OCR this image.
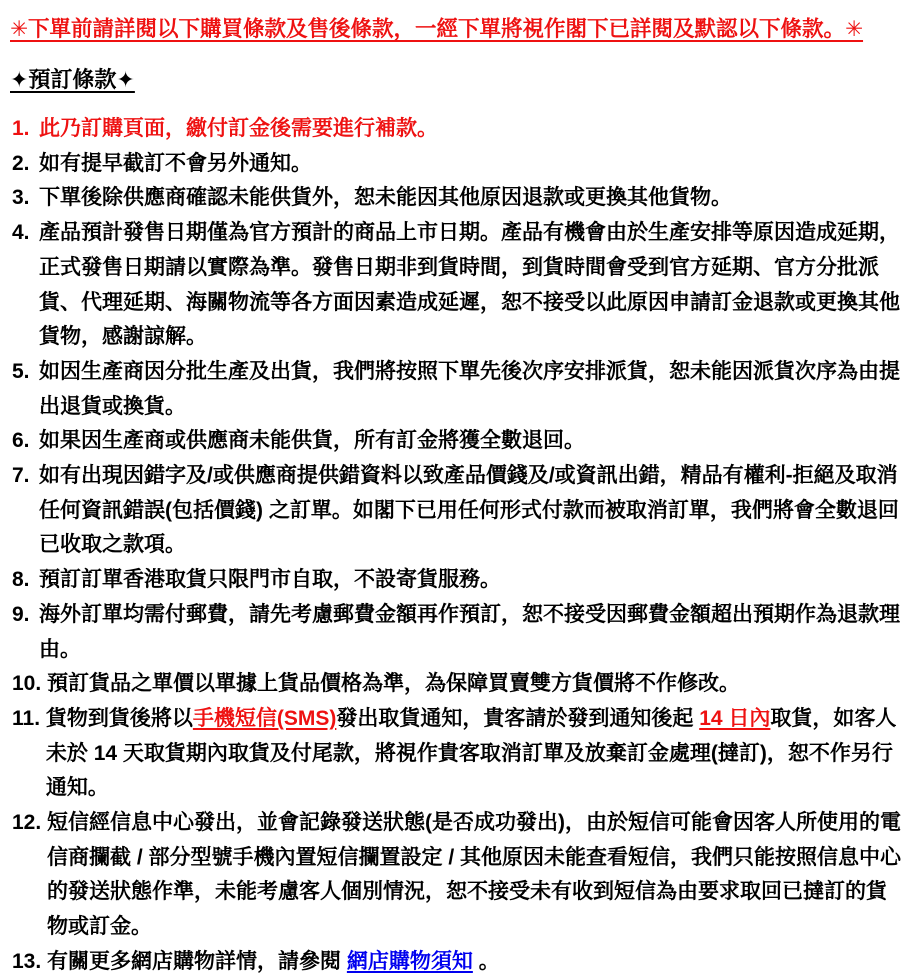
✳︎下單前請詳閱以下購買條款及售後條款，一經下單將視作閣下已詳閱及默認以下條款。✳︎
✦預訂條款✦
1. 此乃訂購頁面，繳付訂金後需要進行補款。
2. 如有提早截訂不會另外通知。
3. 下單後除供應商確認未能供貨外，恕未能因其他原因退款或更換其他貨物。
4. 產品預計發售日期僅為官方預計的商品上市日期。產品有機會由於生產安排等原因造成延期，正式發售日期請以實際為準。發售日期非到貨時間，到貨時間會受到官方延期、官方分批派貨、代理延期、海關物流等各方面因素造成延遲，恕不接受以此原因申請訂金退款或更換其他貨物，感謝諒解。
5. 如因生產商因分批生產及出貨，我們將按照下單先後次序安排派貨，恕未能因派貨次序為由提出退貨或換貨。
6. 如果因生產商或供應商未能供貨，所有訂金將獲全數退回。
7. 如有出現因錯字及/或供應商提供錯資料以致產品價錢及/或資訊出錯，精品有權利-拒絕及取消任何資訊錯誤(包括價錢) 之訂單。如閣下已用任何形式付款而被取消訂單，我們將會全數退回已收取之款項。
8. 預訂訂單香港取貨只限門市自取，不設寄貨服務。
9. 海外訂單均需付郵費，請先考慮郵費金額再作預訂，恕不接受因郵費金額超出預期作為退款理由。
10. 預訂貨品之單價以單據上貨品價格為準，為保障買賣雙方貨價將不作修改。
11. 貨物到貨後將以手機短信(SMS)發出取貨通知，貴客請於發到通知後起 14 日內取貨，如客人未於 14 天取貨期內取貨及付尾款，將視作貴客取消訂單及放棄訂金處理(撻訂)，恕不作另行通知。
12. 短信經信息中心發出，並會記錄發送狀態(是否成功發出)，由於短信可能會因客人所使用的電信商攔截 / 部分型號手機內置短信攔置設定 / 其他原因未能查看短信，我們只能按照信息中心的發送狀態作準，未能考慮客人個別情況，恕不接受未有收到短信為由要求取回已撻訂的貨物或訂金。
13. 有關更多網店購物詳情，請參閱 網店購物須知 。
